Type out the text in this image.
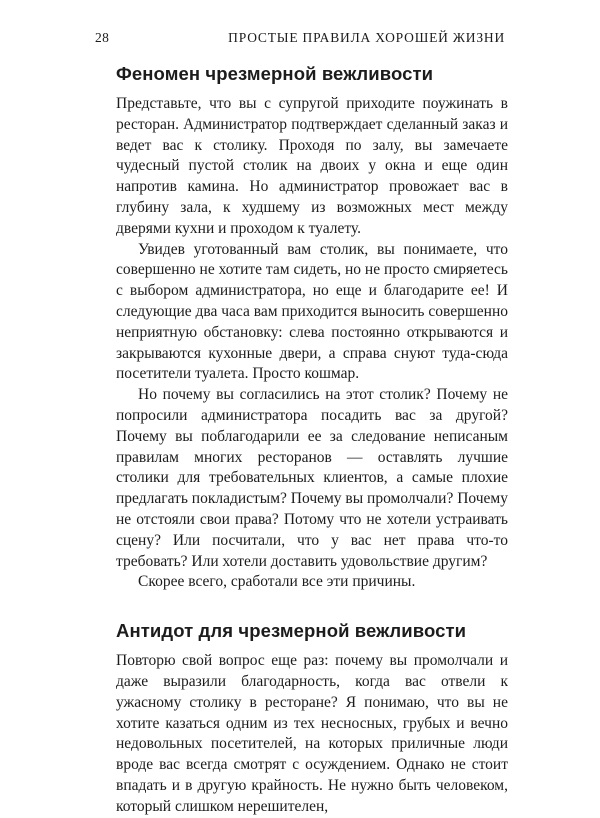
28	ПРОСТЫЕ ПРАВИЛА ХОРОШЕЙ ЖИЗНИ
Феномен чрезмерной вежливости

Представьте, что вы с супругой приходите поужинать в ресторан. Администратор подтверждает сделанный заказ и ведет вас к столику. Проходя по залу, вы замечаете чудесный пустой столик на двоих у окна и еще один напротив камина. Но администратор провожает вас в глубину зала, к худшему из возможных мест между дверями кухни и проходом к туалету.

Увидев уготованный вам столик, вы понимаете, что совершенно не хотите там сидеть, но не просто смиряетесь с выбором администратора, но еще и благодарите ее! И следующие два часа вам приходится выносить совершенно неприятную обстановку: слева постоянно открываются и закрываются кухонные двери, а справа снуют туда-сюда посетители туалета. Просто кошмар.

Но почему вы согласились на этот столик? Почему не попросили администратора посадить вас за другой? Почему вы поблагодарили ее за следование неписаным правилам многих ресторанов — оставлять лучшие столики для требовательных клиентов, а самые плохие предлагать покладистым? Почему вы промолчали? Почему не отстояли свои права? Потому что не хотели устраивать сцену? Или посчитали, что у вас нет права что-то требовать? Или хотели доставить удовольствие другим?

Скорее всего, сработали все эти причины.

Антидот для чрезмерной вежливости

Повторю свой вопрос еще раз: почему вы промолчали и даже выразили благодарность, когда вас отвели к ужасному столику в ресторане? Я понимаю, что вы не хотите казаться одним из тех несносных, грубых и вечно недовольных посетителей, на которых приличные люди вроде вас всегда смотрят с осуждением. Однако не стоит впадать и в другую крайность. Не нужно быть человеком, который слишком нерешителен,
